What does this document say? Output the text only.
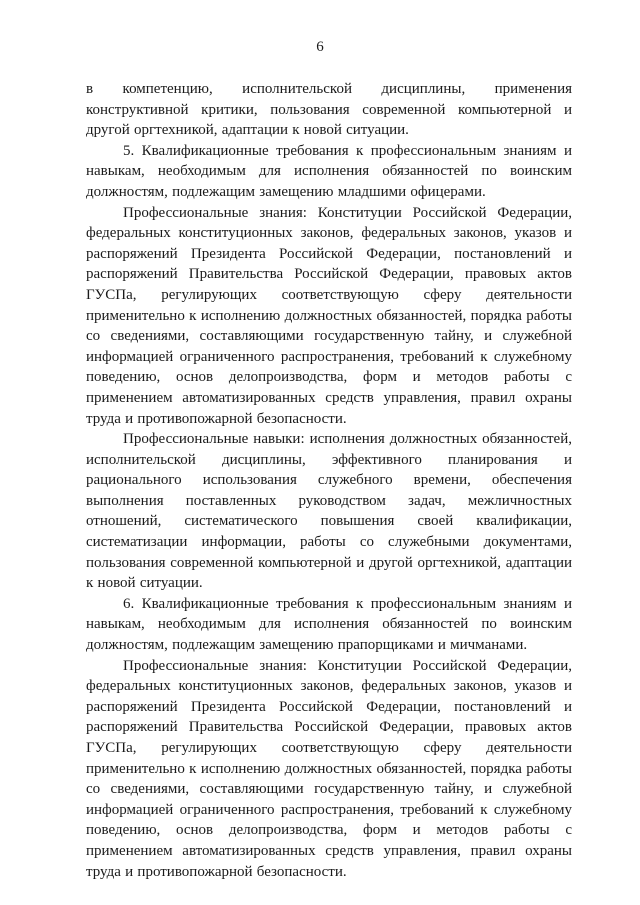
6

в компетенцию, исполнительской дисциплины, применения конструктивной критики, пользования современной компьютерной и другой оргтехникой, адаптации к новой ситуации.

5. Квалификационные требования к профессиональным знаниям и навыкам, необходимым для исполнения обязанностей по воинским должностям, подлежащим замещению младшими офицерами.

Профессиональные знания: Конституции Российской Федерации, федеральных конституционных законов, федеральных законов, указов и распоряжений Президента Российской Федерации, постановлений и распоряжений Правительства Российской Федерации, правовых актов ГУСПа, регулирующих соответствующую сферу деятельности применительно к исполнению должностных обязанностей, порядка работы со сведениями, составляющими государственную тайну, и служебной информацией ограниченного распространения, требований к служебному поведению, основ делопроизводства, форм и методов работы с применением автоматизированных средств управления, правил охраны труда и противопожарной безопасности.

Профессиональные навыки: исполнения должностных обязанностей, исполнительской дисциплины, эффективного планирования и рационального использования служебного времени, обеспечения выполнения поставленных руководством задач, межличностных отношений, систематического повышения своей квалификации, систематизации информации, работы со служебными документами, пользования современной компьютерной и другой оргтехникой, адаптации к новой ситуации.

6. Квалификационные требования к профессиональным знаниям и навыкам, необходимым для исполнения обязанностей по воинским должностям, подлежащим замещению прапорщиками и мичманами.

Профессиональные знания: Конституции Российской Федерации, федеральных конституционных законов, федеральных законов, указов и распоряжений Президента Российской Федерации, постановлений и распоряжений Правительства Российской Федерации, правовых актов ГУСПа, регулирующих соответствующую сферу деятельности применительно к исполнению должностных обязанностей, порядка работы со сведениями, составляющими государственную тайну, и служебной информацией ограниченного распространения, требований к служебному поведению, основ делопроизводства, форм и методов работы с применением автоматизированных средств управления, правил охраны труда и противопожарной безопасности.
